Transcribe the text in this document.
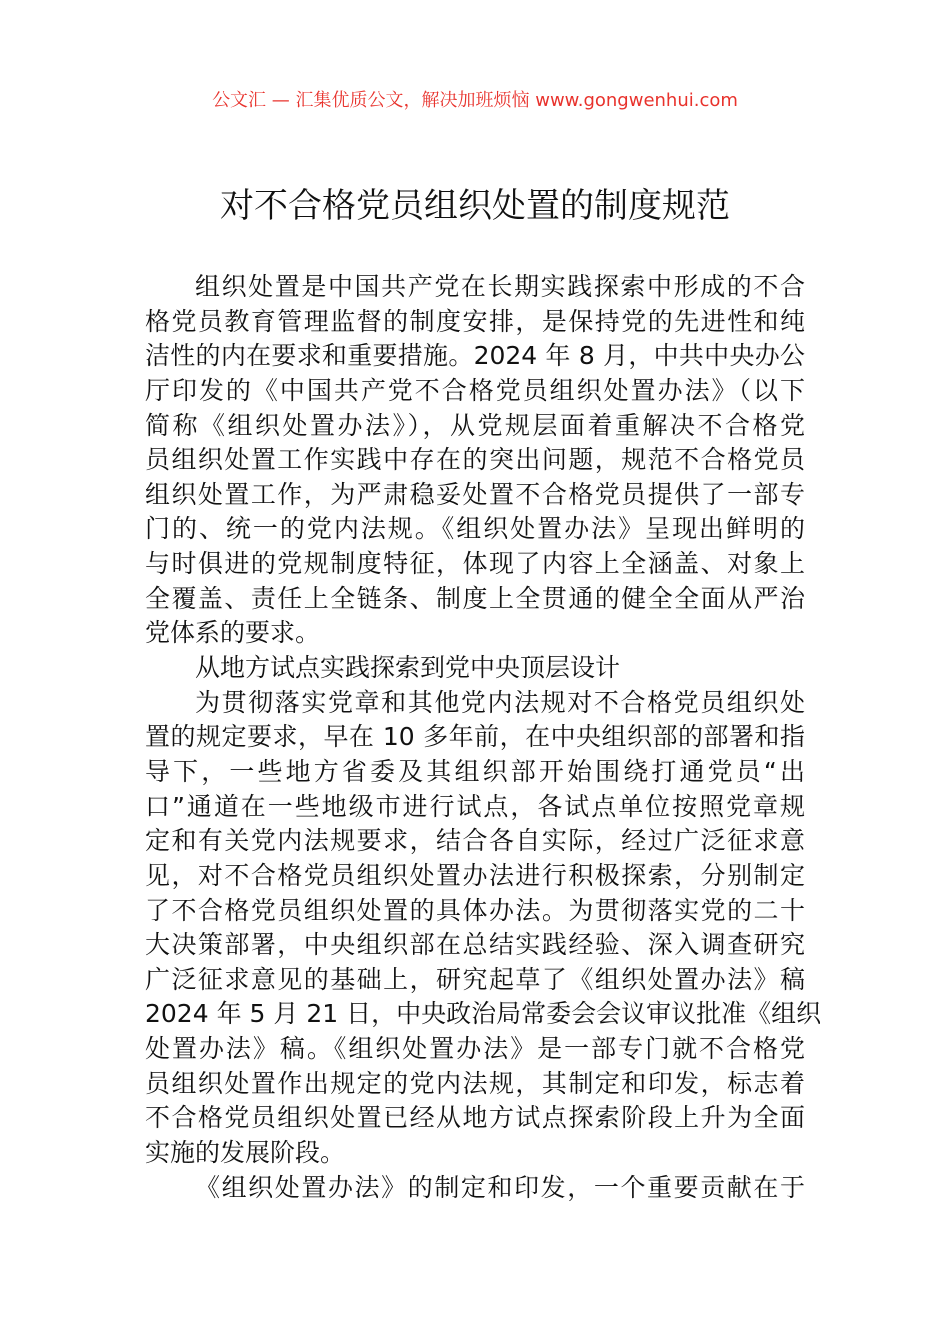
公文汇 — 汇集优质公文，解决加班烦恼 www.gongwenhui.com
对不合格党员组织处置的制度规范
组织处置是中国共产党在长期实践探索中形成的不合
格党员教育管理监督的制度安排，是保持党的先进性和纯
洁性的内在要求和重要措施。2024 年 8 月，中共中央办公
厅印发的《中国共产党不合格党员组织处置办法》（以下
简称《组织处置办法》），从党规层面着重解决不合格党
员组织处置工作实践中存在的突出问题，规范不合格党员
组织处置工作，为严肃稳妥处置不合格党员提供了一部专
门的、统一的党内法规。《组织处置办法》呈现出鲜明的
与时俱进的党规制度特征，体现了内容上全涵盖、对象上
全覆盖、责任上全链条、制度上全贯通的健全全面从严治
党体系的要求。
从地方试点实践探索到党中央顶层设计
为贯彻落实党章和其他党内法规对不合格党员组织处
置的规定要求，早在 10 多年前，在中央组织部的部署和指
导下，一些地方省委及其组织部开始围绕打通党员“出
口”通道在一些地级市进行试点，各试点单位按照党章规
定和有关党内法规要求，结合各自实际，经过广泛征求意
见，对不合格党员组织处置办法进行积极探索，分别制定
了不合格党员组织处置的具体办法。为贯彻落实党的二十
大决策部署，中央组织部在总结实践经验、深入调查研究
广泛征求意见的基础上，研究起草了《组织处置办法》稿
2024 年 5 月 21 日，中央政治局常委会会议审议批准《组织
处置办法》稿。《组织处置办法》是一部专门就不合格党
员组织处置作出规定的党内法规，其制定和印发，标志着
不合格党员组织处置已经从地方试点探索阶段上升为全面
实施的发展阶段。
《组织处置办法》的制定和印发，一个重要贡献在于
